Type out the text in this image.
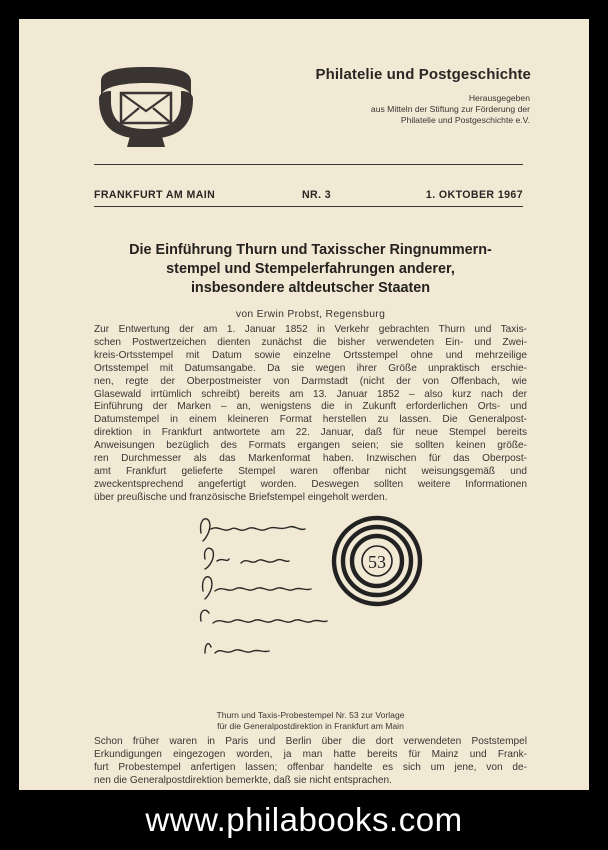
Philatelie und Postgeschichte
Herausgegeben
aus Mitteln der Stiftung zur Förderung der
Philatelie und Postgeschichte e.V.
FRANKFURT AM MAIN	NR. 3	1. OKTOBER 1967
Die Einführung Thurn und Taxisscher Ringnummern-
stempel und Stempelerfahrungen anderer,
insbesondere altdeutscher Staaten
von Erwin Probst, Regensburg
Zur Entwertung der am 1. Januar 1852 in Verkehr gebrachten Thurn und Taxis-
schen Postwertzeichen dienten zunächst die bisher verwendeten Ein- und Zwei-
kreis-Ortsstempel mit Datum sowie einzelne Ortsstempel ohne und mehrzeilige
Ortsstempel mit Datumsangabe. Da sie wegen ihrer Größe unpraktisch erschie-
nen, regte der Oberpostmeister von Darmstadt (nicht der von Offenbach, wie
Glasewald irrtümlich schreibt) bereits am 13. Januar 1852 – also kurz nach der
Einführung der Marken – an, wenigstens die in Zukunft erforderlichen Orts- und
Datumstempel in einem kleineren Format herstellen zu lassen. Die Generalpost-
direktion in Frankfurt antwortete am 22. Januar, daß für neue Stempel bereits
Anweisungen bezüglich des Formats ergangen seien; sie sollten keinen größe-
ren Durchmesser als das Markenformat haben. Inzwischen für das Oberpost-
amt Frankfurt gelieferte Stempel waren offenbar nicht weisungsgemäß und
zweckentsprechend angefertigt worden. Deswegen sollten weitere Informationen
über preußische und französische Briefstempel eingeholt werden.
53
Thurn und Taxis-Probestempel Nr. 53 zur Vorlage
für die Generalpostdirektion in Frankfurt am Main
Schon früher waren in Paris und Berlin über die dort verwendeten Poststempel
Erkundigungen eingezogen worden, ja man hatte bereits für Mainz und Frank-
furt Probestempel anfertigen lassen; offenbar handelte es sich um jene, von de-
nen die Generalpostdirektion bemerkte, daß sie nicht entsprachen.
www.philabooks.com
